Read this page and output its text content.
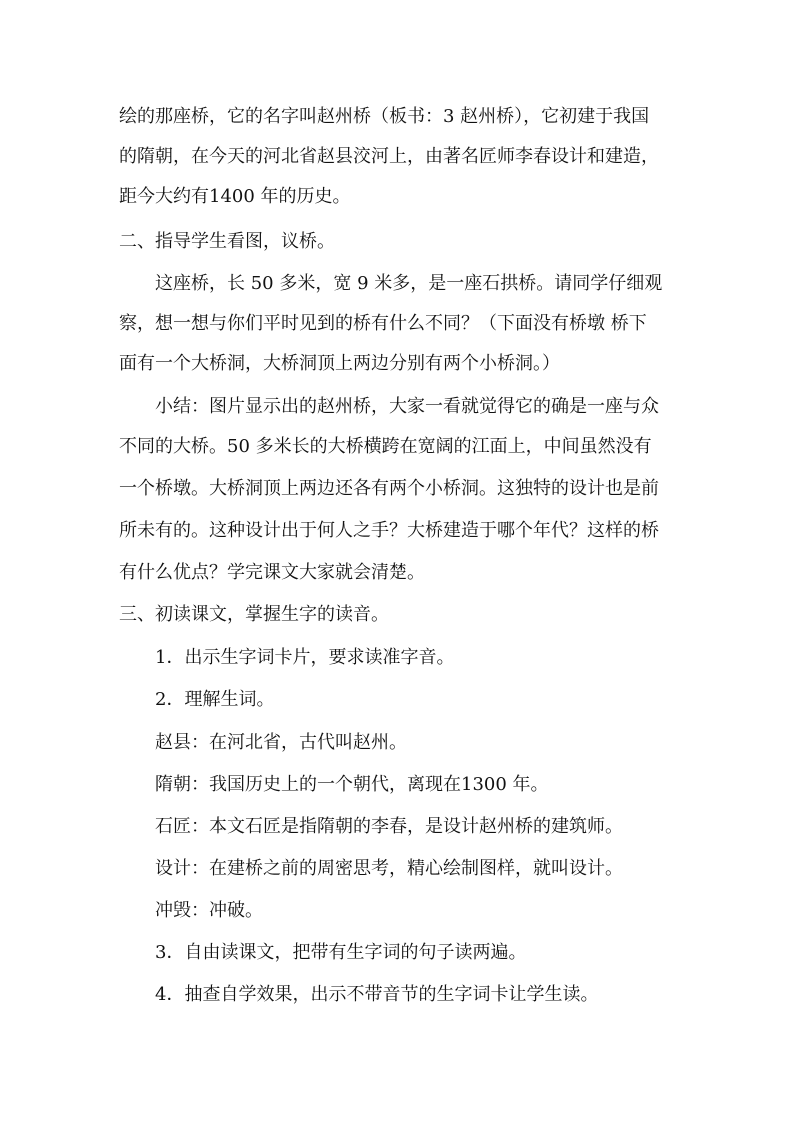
绘的那座桥，它的名字叫赵州桥（板书：3 赵州桥），它初建于我国

的隋朝，在今天的河北省赵县洨河上，由著名匠师李春设计和建造，

距今大约有1400 年的历史。

二、指导学生看图，议桥。

这座桥，长 50 多米，宽 9 米多，是一座石拱桥。请同学仔细观

察，想一想与你们平时见到的桥有什么不同？（下面没有桥墩 桥下

面有一个大桥洞，大桥洞顶上两边分别有两个小桥洞。）

小结：图片显示出的赵州桥，大家一看就觉得它的确是一座与众

不同的大桥。50 多米长的大桥横跨在宽阔的江面上，中间虽然没有

一个桥墩。大桥洞顶上两边还各有两个小桥洞。这独特的设计也是前

所未有的。这种设计出于何人之手？大桥建造于哪个年代？这样的桥

有什么优点？学完课文大家就会清楚。

三、初读课文，掌握生字的读音。

1．出示生字词卡片，要求读准字音。

2．理解生词。

赵县：在河北省，古代叫赵州。

隋朝：我国历史上的一个朝代，离现在1300 年。

石匠：本文石匠是指隋朝的李春，是设计赵州桥的建筑师。

设计：在建桥之前的周密思考，精心绘制图样，就叫设计。

冲毁：冲破。

3．自由读课文，把带有生字词的句子读两遍。

4．抽查自学效果，出示不带音节的生字词卡让学生读。
